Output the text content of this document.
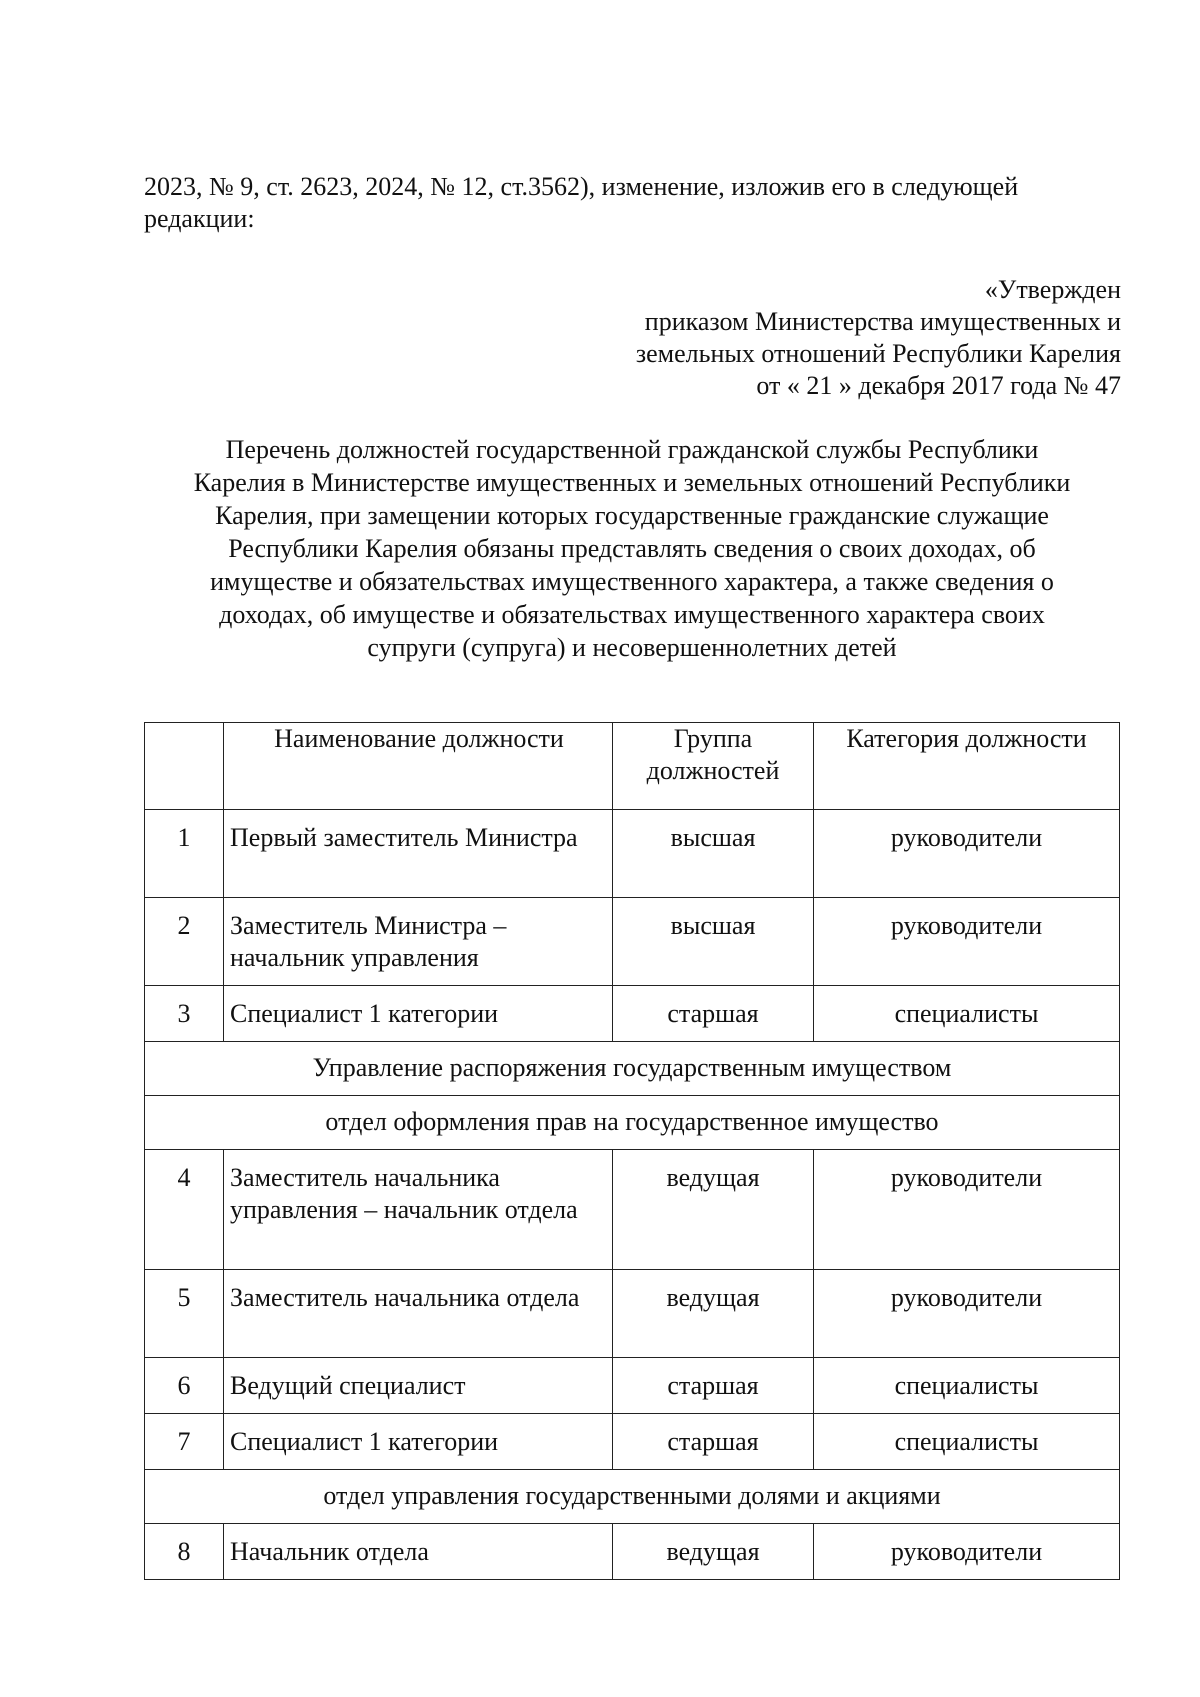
2023, № 9, ст. 2623, 2024, № 12, ст.3562), изменение, изложив его в следующей редакции:

«Утвержден
приказом Министерства имущественных и
земельных отношений Республики Карелия
от « 21 » декабря 2017 года № 47
Перечень должностей государственной гражданской службы Республики
Карелия в Министерстве имущественных и земельных отношений Республики
Карелия, при замещении которых государственные гражданские служащие
Республики Карелия обязаны представлять сведения о своих доходах, об
имуществе и обязательствах имущественного характера, а также сведения о
доходах, об имуществе и обязательствах имущественного характера своих
супруги (супруга) и несовершеннолетних детей
	Наименование должности	Группа должностей	Категория должности
1	Первый заместитель Министра	высшая	руководители
2	Заместитель Министра – начальник управления	высшая	руководители
3	Специалист 1 категории	старшая	специалисты
Управление распоряжения государственным имуществом			
отдел оформления прав на государственное имущество			
4	Заместитель начальника управления – начальник отдела	ведущая	руководители
5	Заместитель начальника отдела	ведущая	руководители
6	Ведущий специалист	старшая	специалисты
7	Специалист 1 категории	старшая	специалисты
отдел управления государственными долями и акциями			
8	Начальник отдела	ведущая	руководители
